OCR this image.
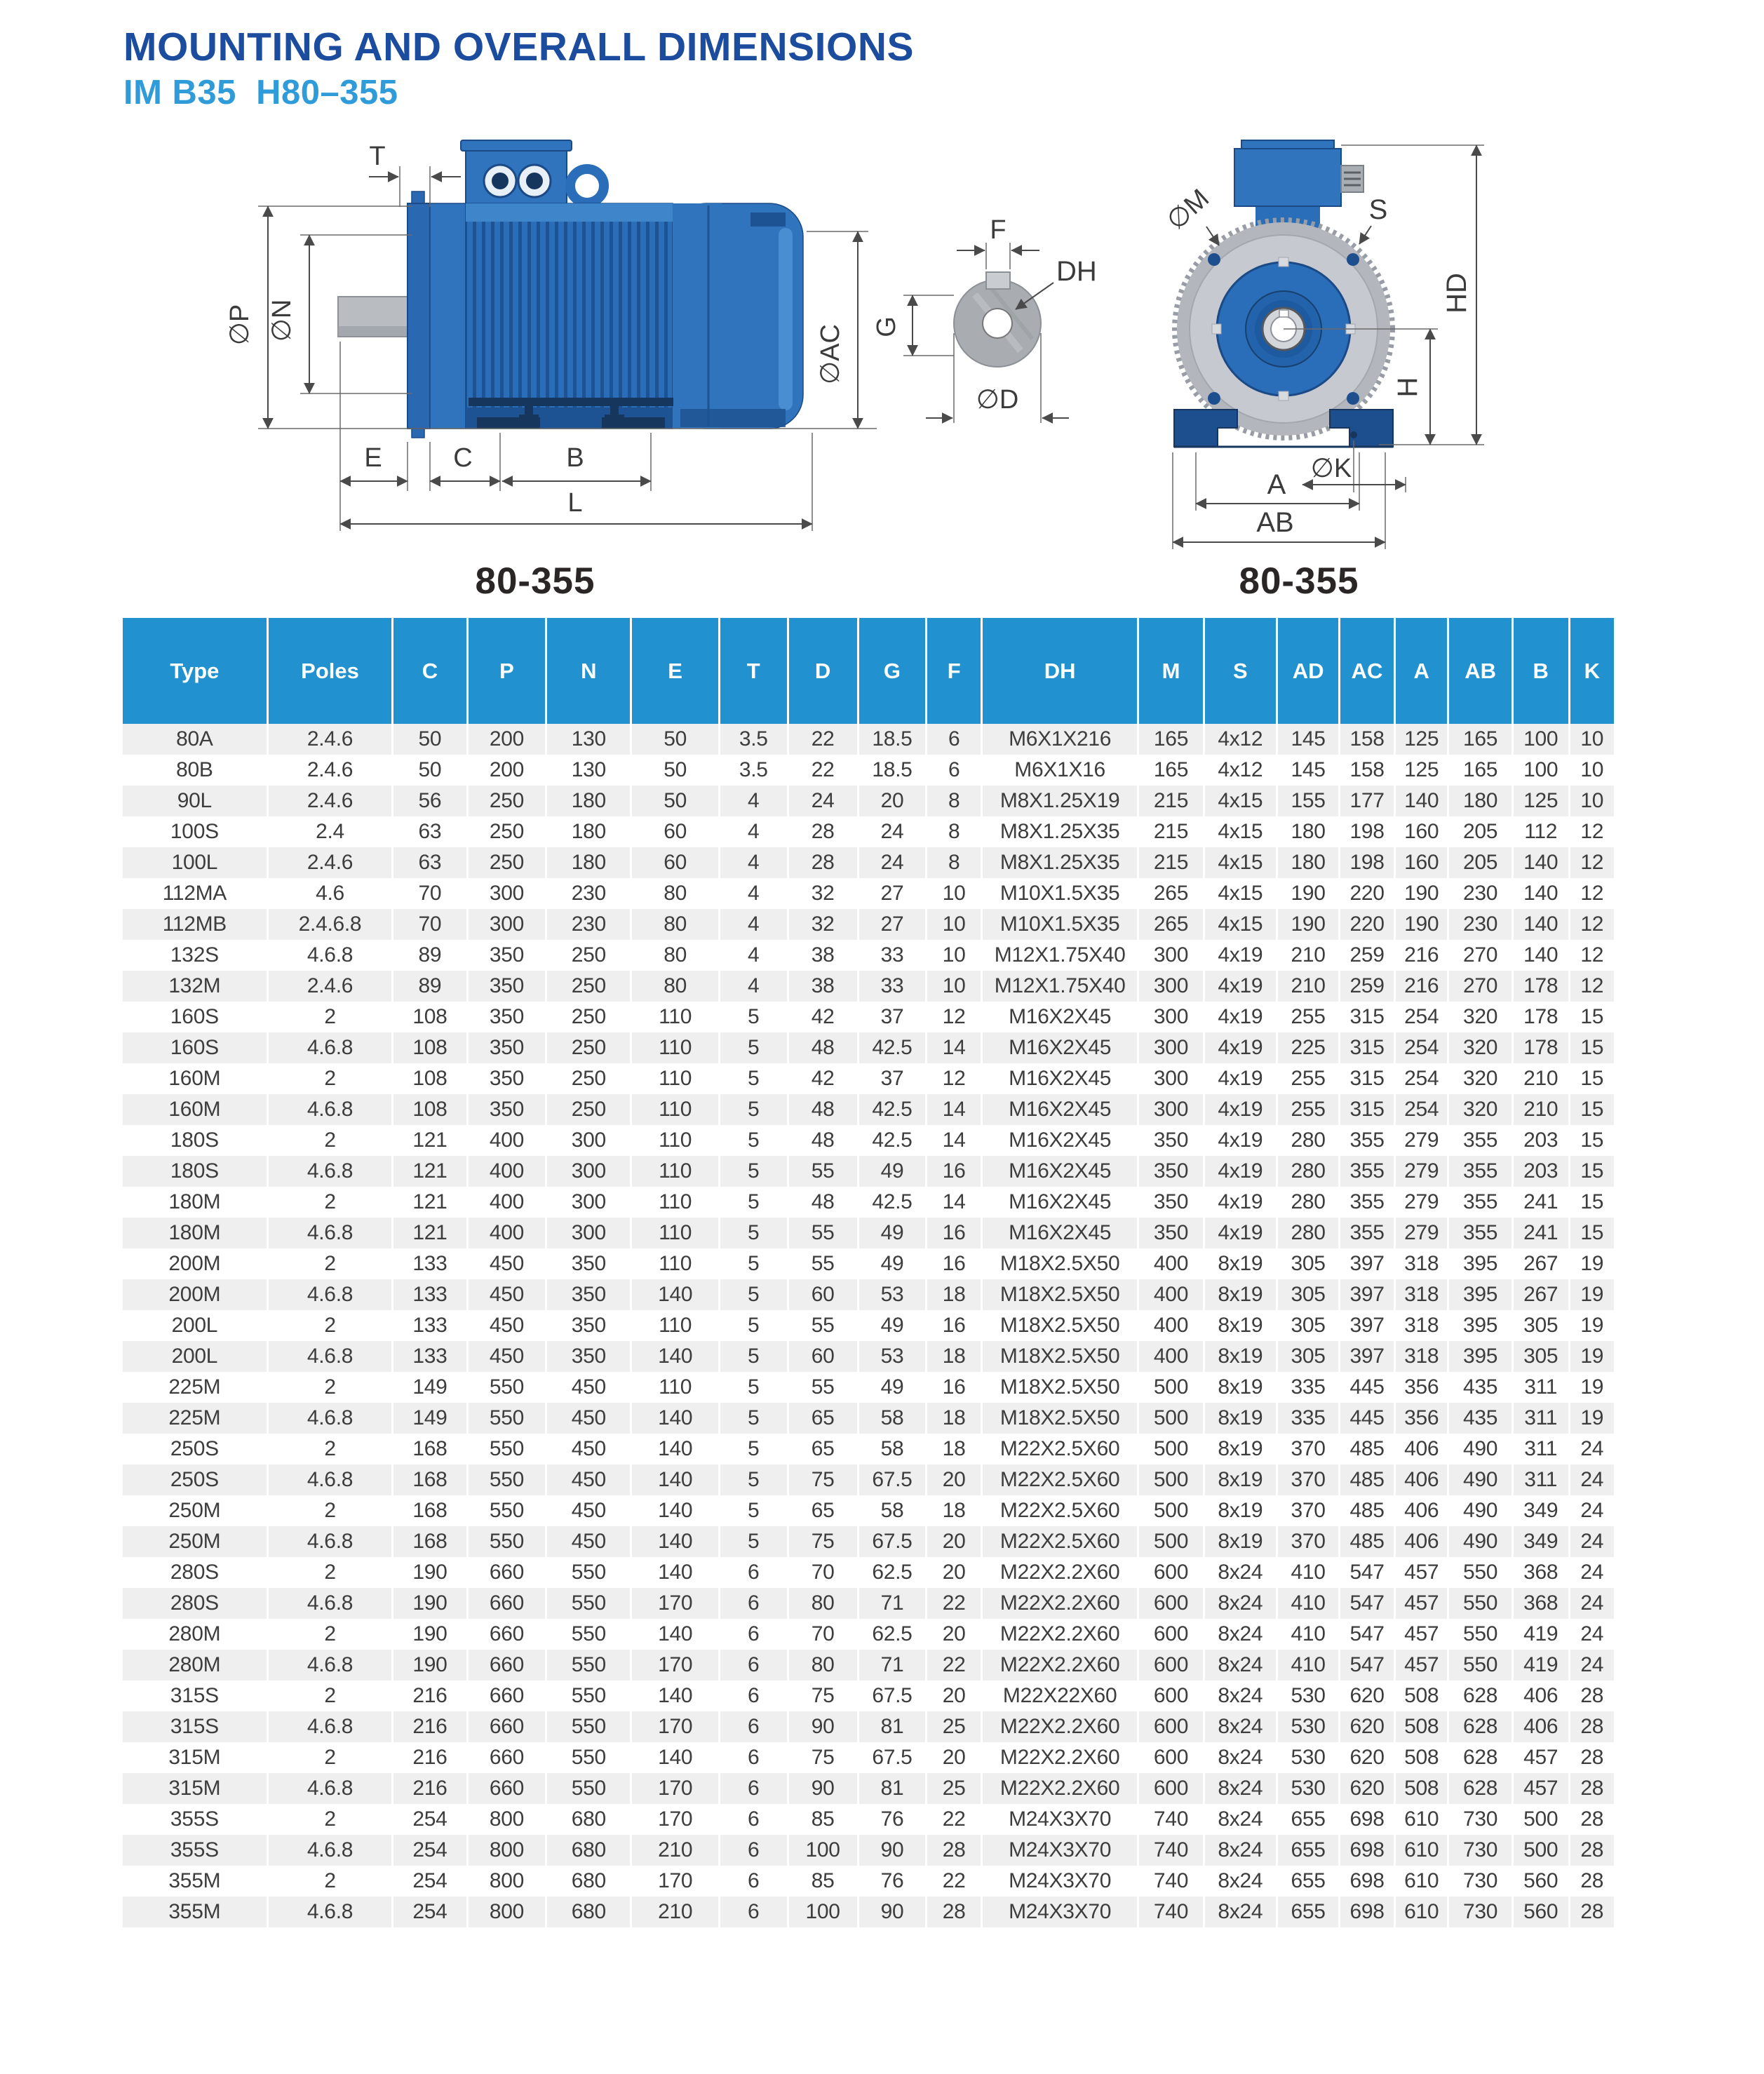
MOUNTING AND OVERALL DIMENSIONS
IM B35  H80–355
T
∅P ∅N
∅AC
E	C	B
L
F
DH
G
∅D
∅M	S
HD
H
A
∅K
AB
80-355	80-355
Type	Poles	C	P	N	E	T	D	G	F	DH	M	S	AD	AC	A	AB	B	K
80A	2.4.6	50	200	130	50	3.5	22	18.5	6	M6X1X216	165	4x12	145	158	125	165	100	10
80B	2.4.6	50	200	130	50	3.5	22	18.5	6	M6X1X16	165	4x12	145	158	125	165	100	10
90L	2.4.6	56	250	180	50	4	24	20	8	M8X1.25X19	215	4x15	155	177	140	180	125	10
100S	2.4	63	250	180	60	4	28	24	8	M8X1.25X35	215	4x15	180	198	160	205	112	12
100L	2.4.6	63	250	180	60	4	28	24	8	M8X1.25X35	215	4x15	180	198	160	205	140	12
112MA	4.6	70	300	230	80	4	32	27	10	M10X1.5X35	265	4x15	190	220	190	230	140	12
112MB	2.4.6.8	70	300	230	80	4	32	27	10	M10X1.5X35	265	4x15	190	220	190	230	140	12
132S	4.6.8	89	350	250	80	4	38	33	10	M12X1.75X40	300	4x19	210	259	216	270	140	12
132M	2.4.6	89	350	250	80	4	38	33	10	M12X1.75X40	300	4x19	210	259	216	270	178	12
160S	2	108	350	250	110	5	42	37	12	M16X2X45	300	4x19	255	315	254	320	178	15
160S	4.6.8	108	350	250	110	5	48	42.5	14	M16X2X45	300	4x19	225	315	254	320	178	15
160M	2	108	350	250	110	5	42	37	12	M16X2X45	300	4x19	255	315	254	320	210	15
160M	4.6.8	108	350	250	110	5	48	42.5	14	M16X2X45	300	4x19	255	315	254	320	210	15
180S	2	121	400	300	110	5	48	42.5	14	M16X2X45	350	4x19	280	355	279	355	203	15
180S	4.6.8	121	400	300	110	5	55	49	16	M16X2X45	350	4x19	280	355	279	355	203	15
180M	2	121	400	300	110	5	48	42.5	14	M16X2X45	350	4x19	280	355	279	355	241	15
180M	4.6.8	121	400	300	110	5	55	49	16	M16X2X45	350	4x19	280	355	279	355	241	15
200M	2	133	450	350	110	5	55	49	16	M18X2.5X50	400	8x19	305	397	318	395	267	19
200M	4.6.8	133	450	350	140	5	60	53	18	M18X2.5X50	400	8x19	305	397	318	395	267	19
200L	2	133	450	350	110	5	55	49	16	M18X2.5X50	400	8x19	305	397	318	395	305	19
200L	4.6.8	133	450	350	140	5	60	53	18	M18X2.5X50	400	8x19	305	397	318	395	305	19
225M	2	149	550	450	110	5	55	49	16	M18X2.5X50	500	8x19	335	445	356	435	311	19
225M	4.6.8	149	550	450	140	5	65	58	18	M18X2.5X50	500	8x19	335	445	356	435	311	19
250S	2	168	550	450	140	5	65	58	18	M22X2.5X60	500	8x19	370	485	406	490	311	24
250S	4.6.8	168	550	450	140	5	75	67.5	20	M22X2.5X60	500	8x19	370	485	406	490	311	24
250M	2	168	550	450	140	5	65	58	18	M22X2.5X60	500	8x19	370	485	406	490	349	24
250M	4.6.8	168	550	450	140	5	75	67.5	20	M22X2.5X60	500	8x19	370	485	406	490	349	24
280S	2	190	660	550	140	6	70	62.5	20	M22X2.2X60	600	8x24	410	547	457	550	368	24
280S	4.6.8	190	660	550	170	6	80	71	22	M22X2.2X60	600	8x24	410	547	457	550	368	24
280M	2	190	660	550	140	6	70	62.5	20	M22X2.2X60	600	8x24	410	547	457	550	419	24
280M	4.6.8	190	660	550	170	6	80	71	22	M22X2.2X60	600	8x24	410	547	457	550	419	24
315S	2	216	660	550	140	6	75	67.5	20	M22X22X60	600	8x24	530	620	508	628	406	28
315S	4.6.8	216	660	550	170	6	90	81	25	M22X2.2X60	600	8x24	530	620	508	628	406	28
315M	2	216	660	550	140	6	75	67.5	20	M22X2.2X60	600	8x24	530	620	508	628	457	28
315M	4.6.8	216	660	550	170	6	90	81	25	M22X2.2X60	600	8x24	530	620	508	628	457	28
355S	2	254	800	680	170	6	85	76	22	M24X3X70	740	8x24	655	698	610	730	500	28
355S	4.6.8	254	800	680	210	6	100	90	28	M24X3X70	740	8x24	655	698	610	730	500	28
355M	2	254	800	680	170	6	85	76	22	M24X3X70	740	8x24	655	698	610	730	560	28
355M	4.6.8	254	800	680	210	6	100	90	28	M24X3X70	740	8x24	655	698	610	730	560	28
